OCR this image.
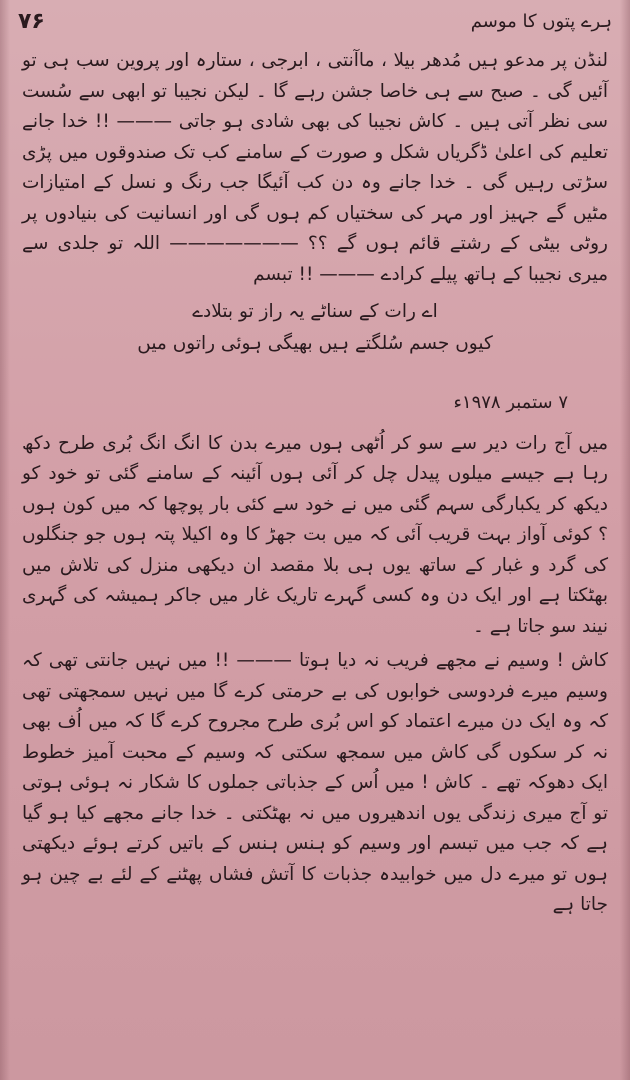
۷۶	ہرے پتوں کا موسم

لنڈن پر مدعو ہیں مُدھر بیلا ، ماآنتی ، ابرجی ، ستارہ اور پروین سب ہی تو آئیں گی ۔ صبح سے ہی خاصا جشن رہے گا ۔ لیکن نجیبا تو ابھی سے سُست سی نظر آتی ہیں ۔ کاش نجیبا کی بھی شادی ہو جاتی ——— !! خدا جانے تعلیم کی اعلیٰ ڈگریاں شکل و صورت کے سامنے کب تک صندوقوں میں پڑی سڑتی رہیں گی ۔ خدا جانے وہ دن کب آئیگا جب رنگ و نسل کے امتیازات مٹیں گے جہیز اور مہر کی سختیاں کم ہوں گی اور انسانیت کی بنیادوں پر روٹی بیٹی کے رشتے قائم ہوں گے ؟؟ ——————— اللہ تو جلدی سے میری نجیبا کے ہاتھ پیلے کرادے ——— !! تبسم

اے رات کے سناٹے یہ راز تو بتلادے
کیوں جسم سُلگتے ہیں بھیگی ہوئی راتوں میں
۷ ستمبر ۱۹۷۸ء

میں آج رات دیر سے سو کر اُٹھی ہوں میرے بدن کا انگ انگ بُری طرح دکھ رہا ہے جیسے میلوں پیدل چل کر آئی ہوں آئینہ کے سامنے گئی تو خود کو دیکھ کر یکبارگی سہم گئی میں نے خود سے کئی بار پوچھا کہ میں کون ہوں ؟ کوئی آواز بہت قریب آئی کہ میں بت جھڑ کا وہ اکیلا پتہ ہوں جو جنگلوں کی گرد و غبار کے ساتھ یوں ہی بلا مقصد ان دیکھی منزل کی تلاش میں بھٹکتا ہے اور ایک دن وہ کسی گہرے تاریک غار میں جاکر ہمیشہ کی گہری نیند سو جاتا ہے ۔

کاش ! وسیم نے مجھے فریب نہ دیا ہوتا ——— !! میں نہیں جانتی تھی کہ وسیم میرے فردوسی خوابوں کی بے حرمتی کرے گا میں نہیں سمجھتی تھی کہ وہ ایک دن میرے اعتماد کو اس بُری طرح مجروح کرے گا کہ میں اُف بھی نہ کر سکوں گی کاش میں سمجھ سکتی کہ وسیم کے محبت آمیز خطوط ایک دھوکہ تھے ۔ کاش ! میں اُس کے جذباتی جملوں کا شکار نہ ہوئی ہوتی تو آج میری زندگی یوں اندھیروں میں نہ بھٹکتی ۔ خدا جانے مجھے کیا ہو گیا ہے کہ جب میں تبسم اور وسیم کو ہنس ہنس کے باتیں کرتے ہوئے دیکھتی ہوں تو میرے دل میں خوابیدہ جذبات کا آتش فشاں پھٹنے کے لئے بے چین ہو جاتا ہے
